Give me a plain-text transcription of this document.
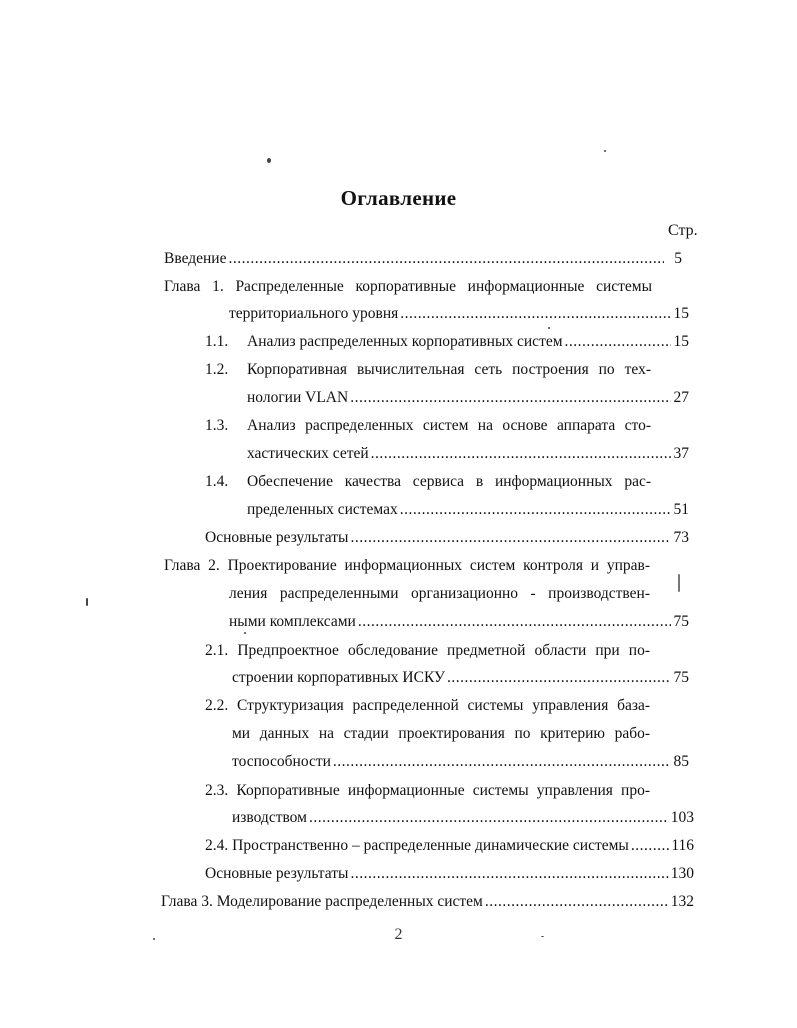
Оглавление
Стр.
Введение .....	5
Глава 1. Распределенные корпоративные информационные системы
территориального уровня .....	15
1.1. Анализ распределенных корпоративных систем .....	15
1.2.	Корпоративная вычислительная сеть построения по тех-
нологии VLAN .....	27
1.3.	Анализ распределенных систем на основе аппарата сто-
хастических сетей .....	37
1.4.	Обеспечение качества сервиса в информационных рас-
пределенных системах .....	51
Основные результаты .....	73
Глава 2. Проектирование информационных систем контроля и управ-
ления распределенными организационно - производствен-
ными комплексами .....	75
2.1. Предпроектное обследование предметной области при по-
строении корпоративных ИСКУ .....	75
2.2. Структуризация распределенной системы управления база-
ми данных на стадии проектирования по критерию рабо-
тоспособности .....	85
2.3. Корпоративные информационные системы управления про-
изводством .....	103
2.4. Пространственно – распределенные динамические системы .....	116
Основные результаты .....	130
Глава 3. Моделирование распределенных систем .....	132
2
